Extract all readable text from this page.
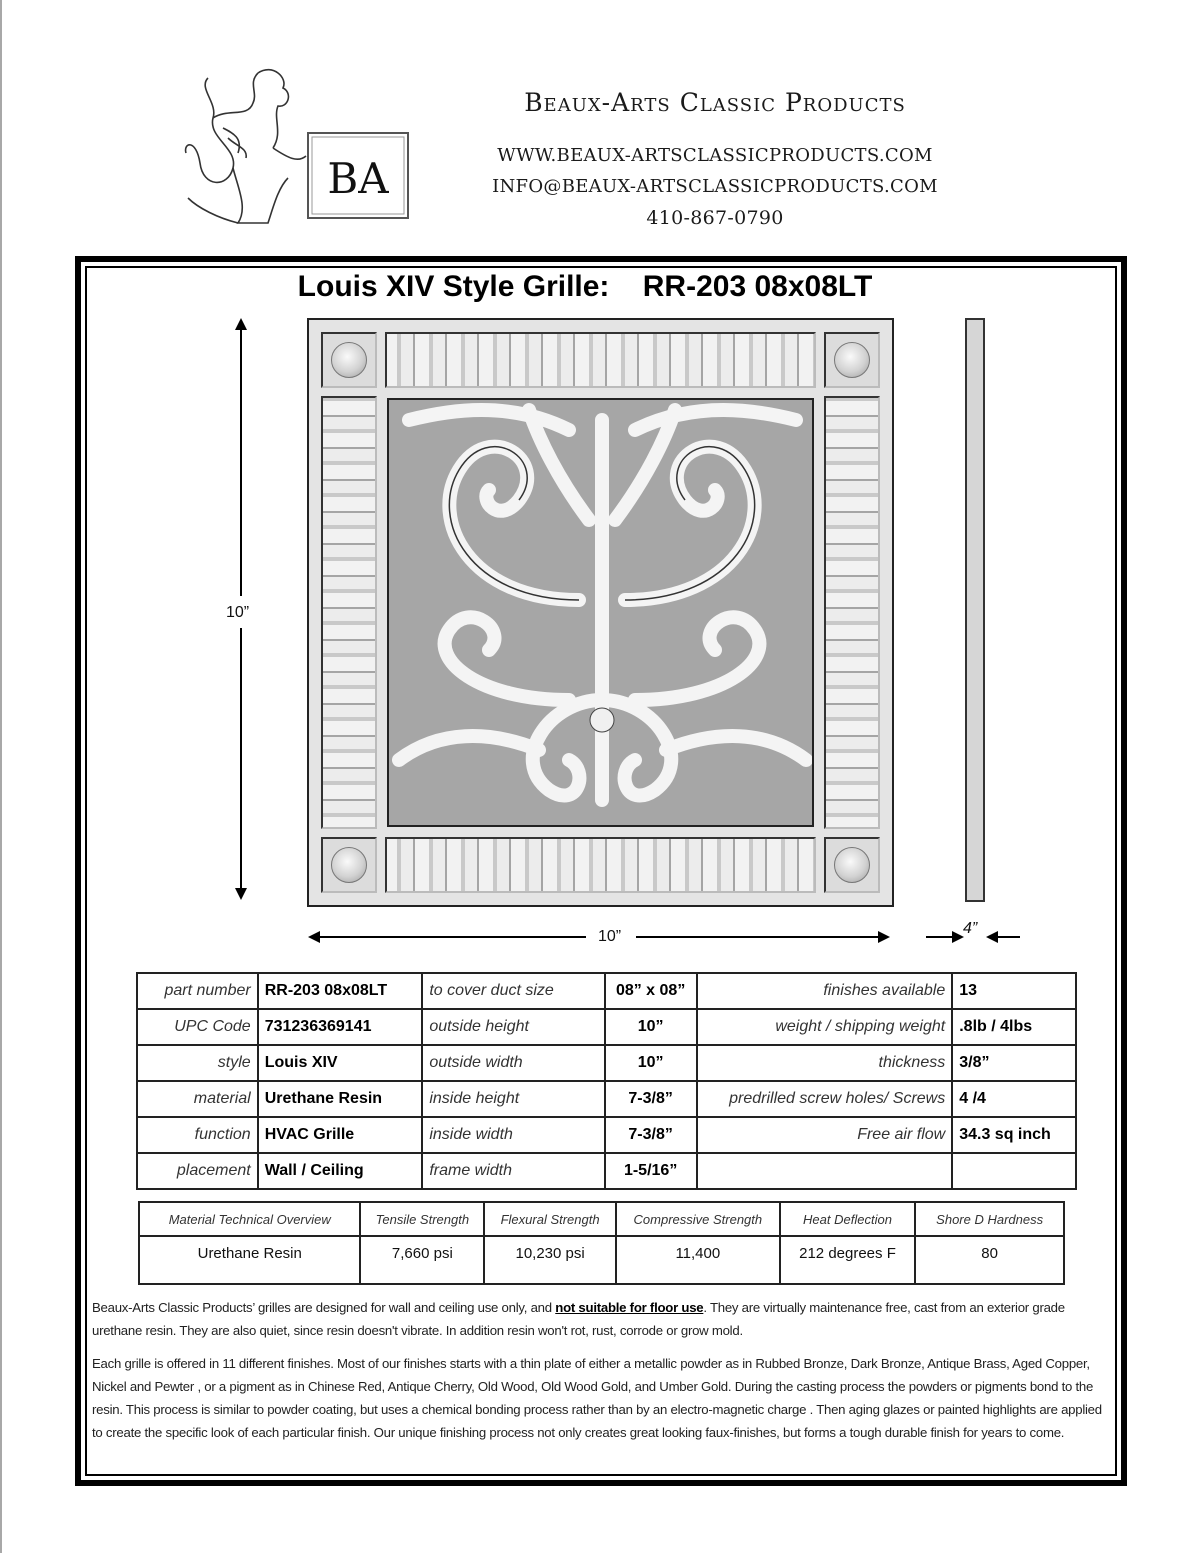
BA
Beaux-Arts Classic Products
WWW.BEAUX-ARTSCLASSICPRODUCTS.COM
INFO@BEAUX-ARTSCLASSICPRODUCTS.COM
410-867-0790
Louis XIV Style Grille:    RR-203 08x08LT
10”
10”	4”
part number	RR-203 08x08LT	to cover duct size	08” x 08”	finishes available	13
UPC Code	731236369141	outside height	10”	weight / shipping weight	.8lb / 4lbs
style	Louis XIV	outside width	10”	thickness	3/8”
material	Urethane Resin	inside height	7-3/8”	predrilled screw holes/ Screws	4 /4
function	HVAC Grille	inside width	7-3/8”	Free air flow	34.3 sq inch
placement	Wall / Ceiling	frame width	1-5/16”		
Material Technical Overview	Tensile Strength	Flexural Strength	Compressive Strength	Heat Deflection	Shore D Hardness
Urethane Resin	7,660 psi	10,230 psi	11,400	212 degrees F	80

Beaux-Arts Classic Products’ grilles are designed for wall and ceiling use only, and not suitable for floor use. They are virtually maintenance free, cast from an exterior grade urethane resin. They are also quiet, since resin doesn't vibrate. In addition resin won't rot, rust, corrode or grow mold.

Each grille is offered in 11 different finishes. Most of our finishes starts with a thin plate of either a metallic powder as in Rubbed Bronze, Dark Bronze, Antique Brass, Aged Copper, Nickel and Pewter , or a pigment as in Chinese Red, Antique Cherry, Old Wood, Old Wood Gold, and Umber Gold. During the casting process the powders or pigments bond to the resin. This process is similar to powder coating, but uses a chemical bonding process rather than by an electro-magnetic charge . Then aging glazes or painted highlights are applied to create the specific look of each particular finish. Our unique finishing process not only creates great looking faux-finishes, but forms a tough durable finish for years to come.
